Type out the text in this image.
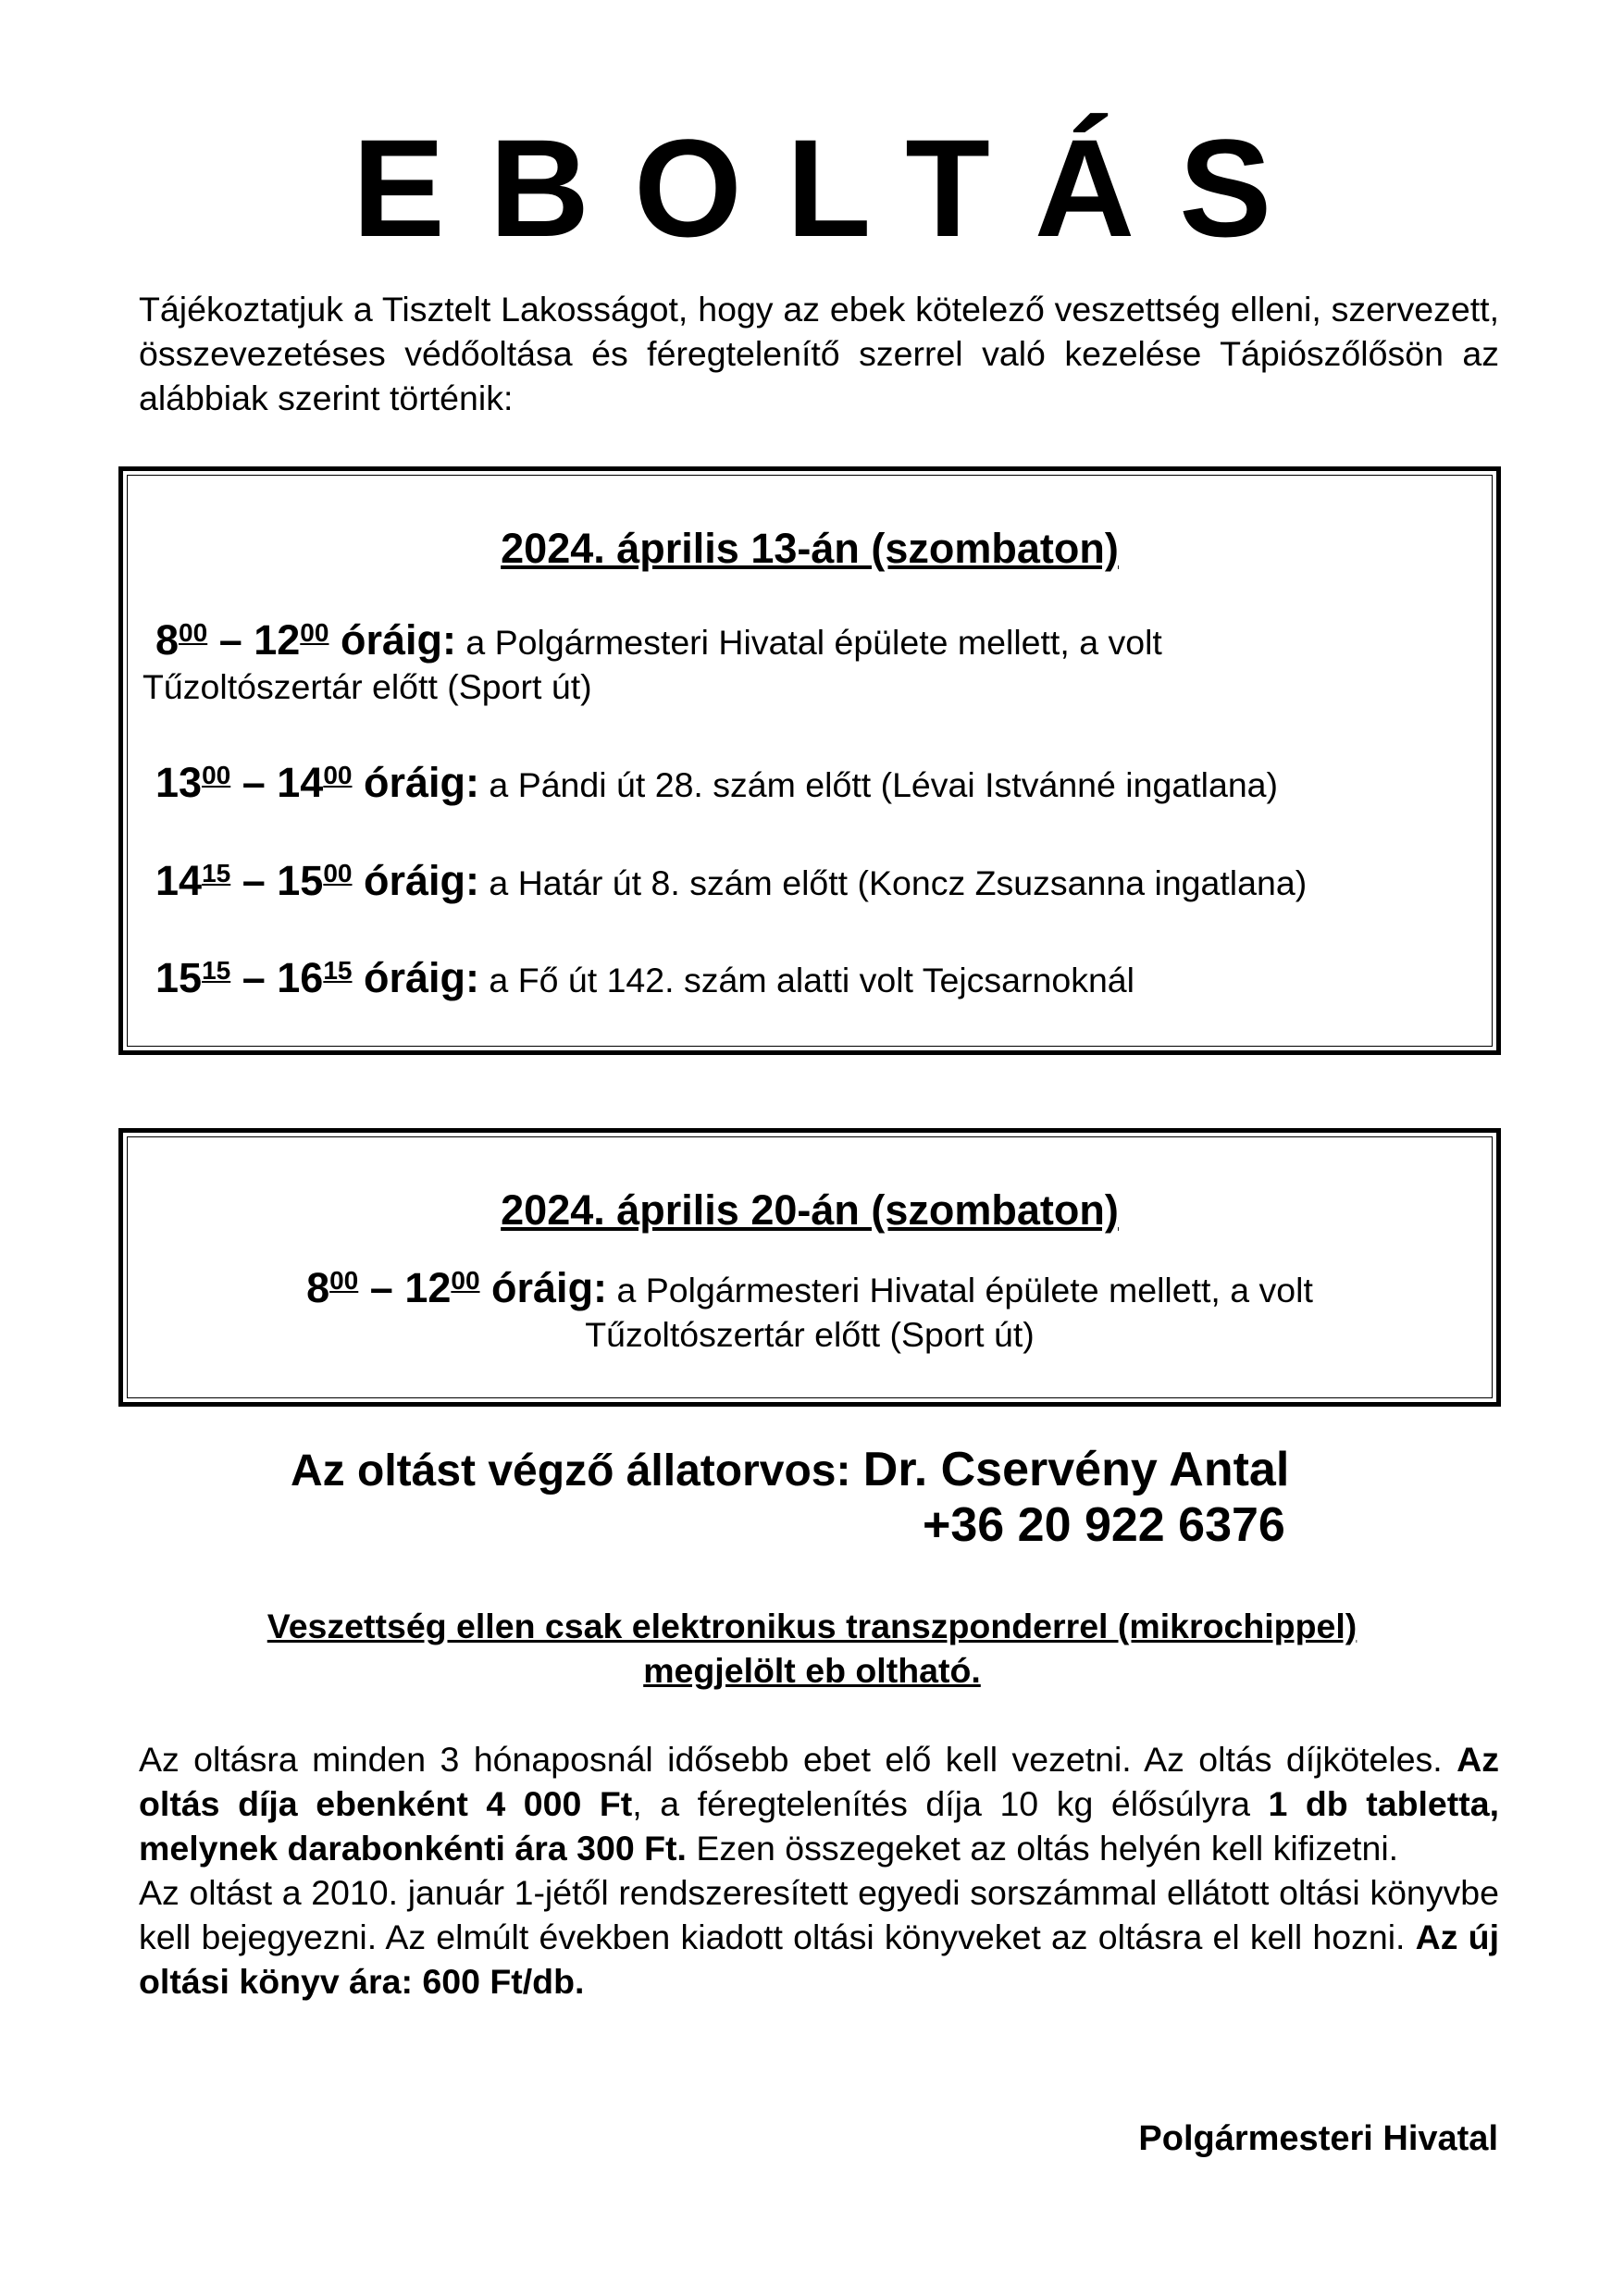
EBOLTÁS
Tájékoztatjuk a Tisztelt Lakosságot, hogy az ebek kötelező veszettség elleni, szervezett, összevezetéses védőoltása és féregtelenítő szerrel való kezelése Tápiószőlősön az alábbiak szerint történik:
2024. április 13-án (szombaton)
$8^{00} - 12^{00}$ óráig: a Polgármesteri Hivatal épülete mellett, a volt
Tűzoltószertár előtt (Sport út)
$13^{00} - 14^{00}$ óráig: a Pándi út 28. szám előtt (Lévai Istvánné ingatlana)
$14^{15} - 15^{00}$ óráig: a Határ út 8. szám előtt (Koncz Zsuzsanna ingatlana)
$15^{15} - 16^{15}$ óráig: a Fő út 142. szám alatti volt Tejcsarnoknál
2024. április 20-án (szombaton)
$8^{00} - 12^{00}$ óráig: a Polgármesteri Hivatal épülete mellett, a volt
Tűzoltószertár előtt (Sport út)
Az oltást végző állatorvos: Dr. Cservény Antal
+36 20 922 6376
Veszettség ellen csak elektronikus transzponderrel (mikrochippel)
megjelölt eb oltható.

Az oltásra minden 3 hónaposnál idősebb ebet elő kell vezetni. Az oltás díjköteles. Az oltás díja ebenként 4 000 Ft, a féregtelenítés díja 10 kg élősúlyra 1 db tabletta, melynek darabonkénti ára 300 Ft. Ezen összegeket az oltás helyén kell kifizetni.

Az oltást a 2010. január 1-jétől rendszeresített egyedi sorszámmal ellátott oltási könyvbe kell bejegyezni. Az elmúlt években kiadott oltási könyveket az oltásra el kell hozni. Az új oltási könyv ára: 600 Ft/db.

Polgármesteri Hivatal
